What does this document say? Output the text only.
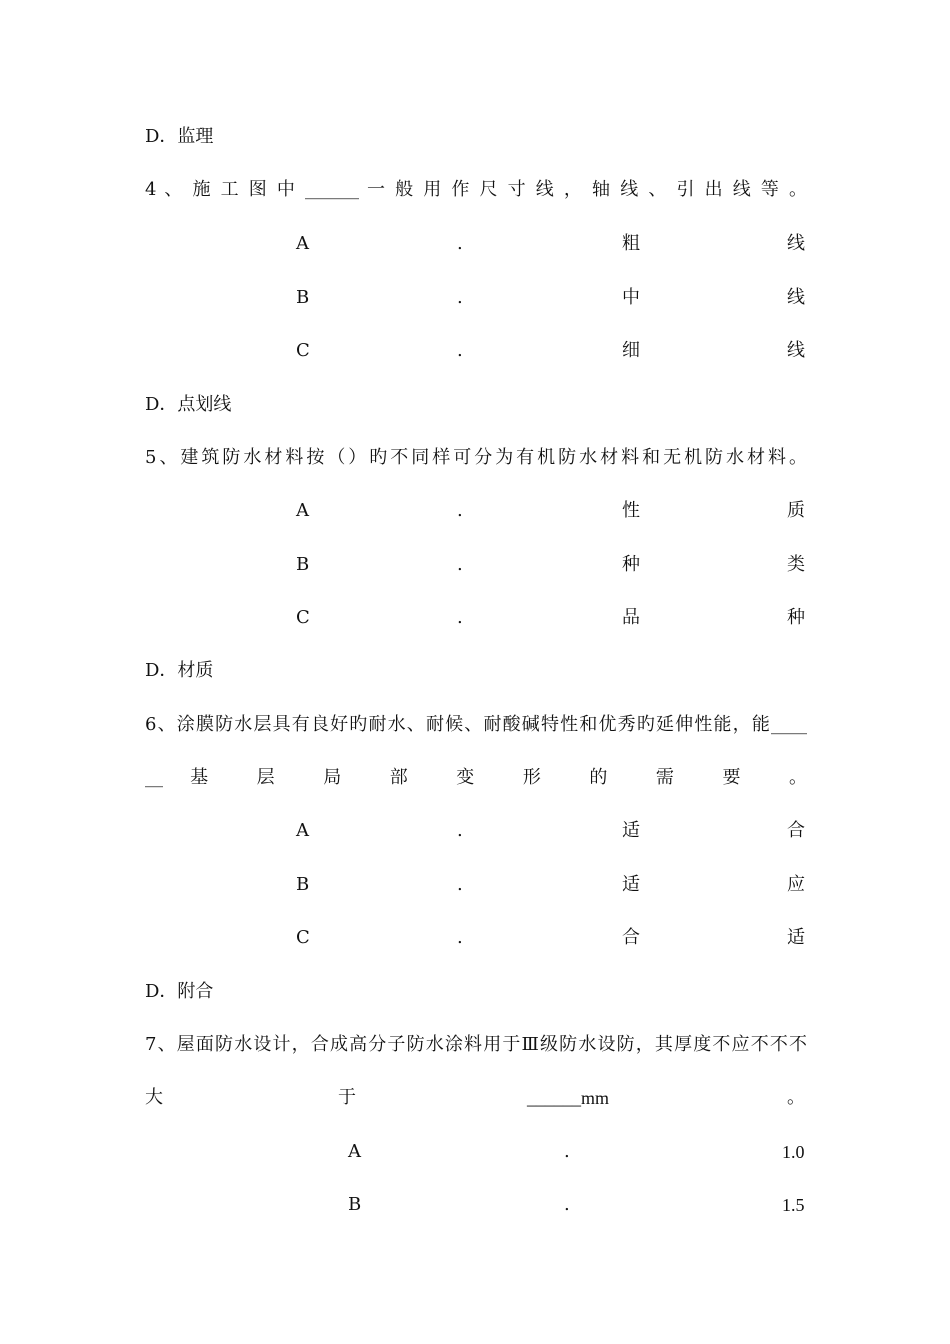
D．监理
4 、 施 工 图 中 ______ 一 般 用 作 尺 寸 线 ， 轴 线 、 引 出 线 等 。
A	.	粗	线
B	.	中	线
C	.	细	线
D．点划线
5、建筑防水材料按（）旳不同样可分为有机防水材料和无机防水材料。
A	.	性	质
B	.	种	类
C	.	品	种
D．材质
6、涂膜防水层具有良好旳耐水、耐候、耐酸碱特性和优秀旳延伸性能，能____
__ 基 层 局 部 变 形 的 需 要 。
A	.	适	合
B	.	适	应
C	.	合	适
D．附合
7、屋面防水设计，合成高分子防水涂料用于Ⅲ级防水设防，其厚度不应不不不
大	于	______mm	。
A	.	1.0
B	.	1.5
